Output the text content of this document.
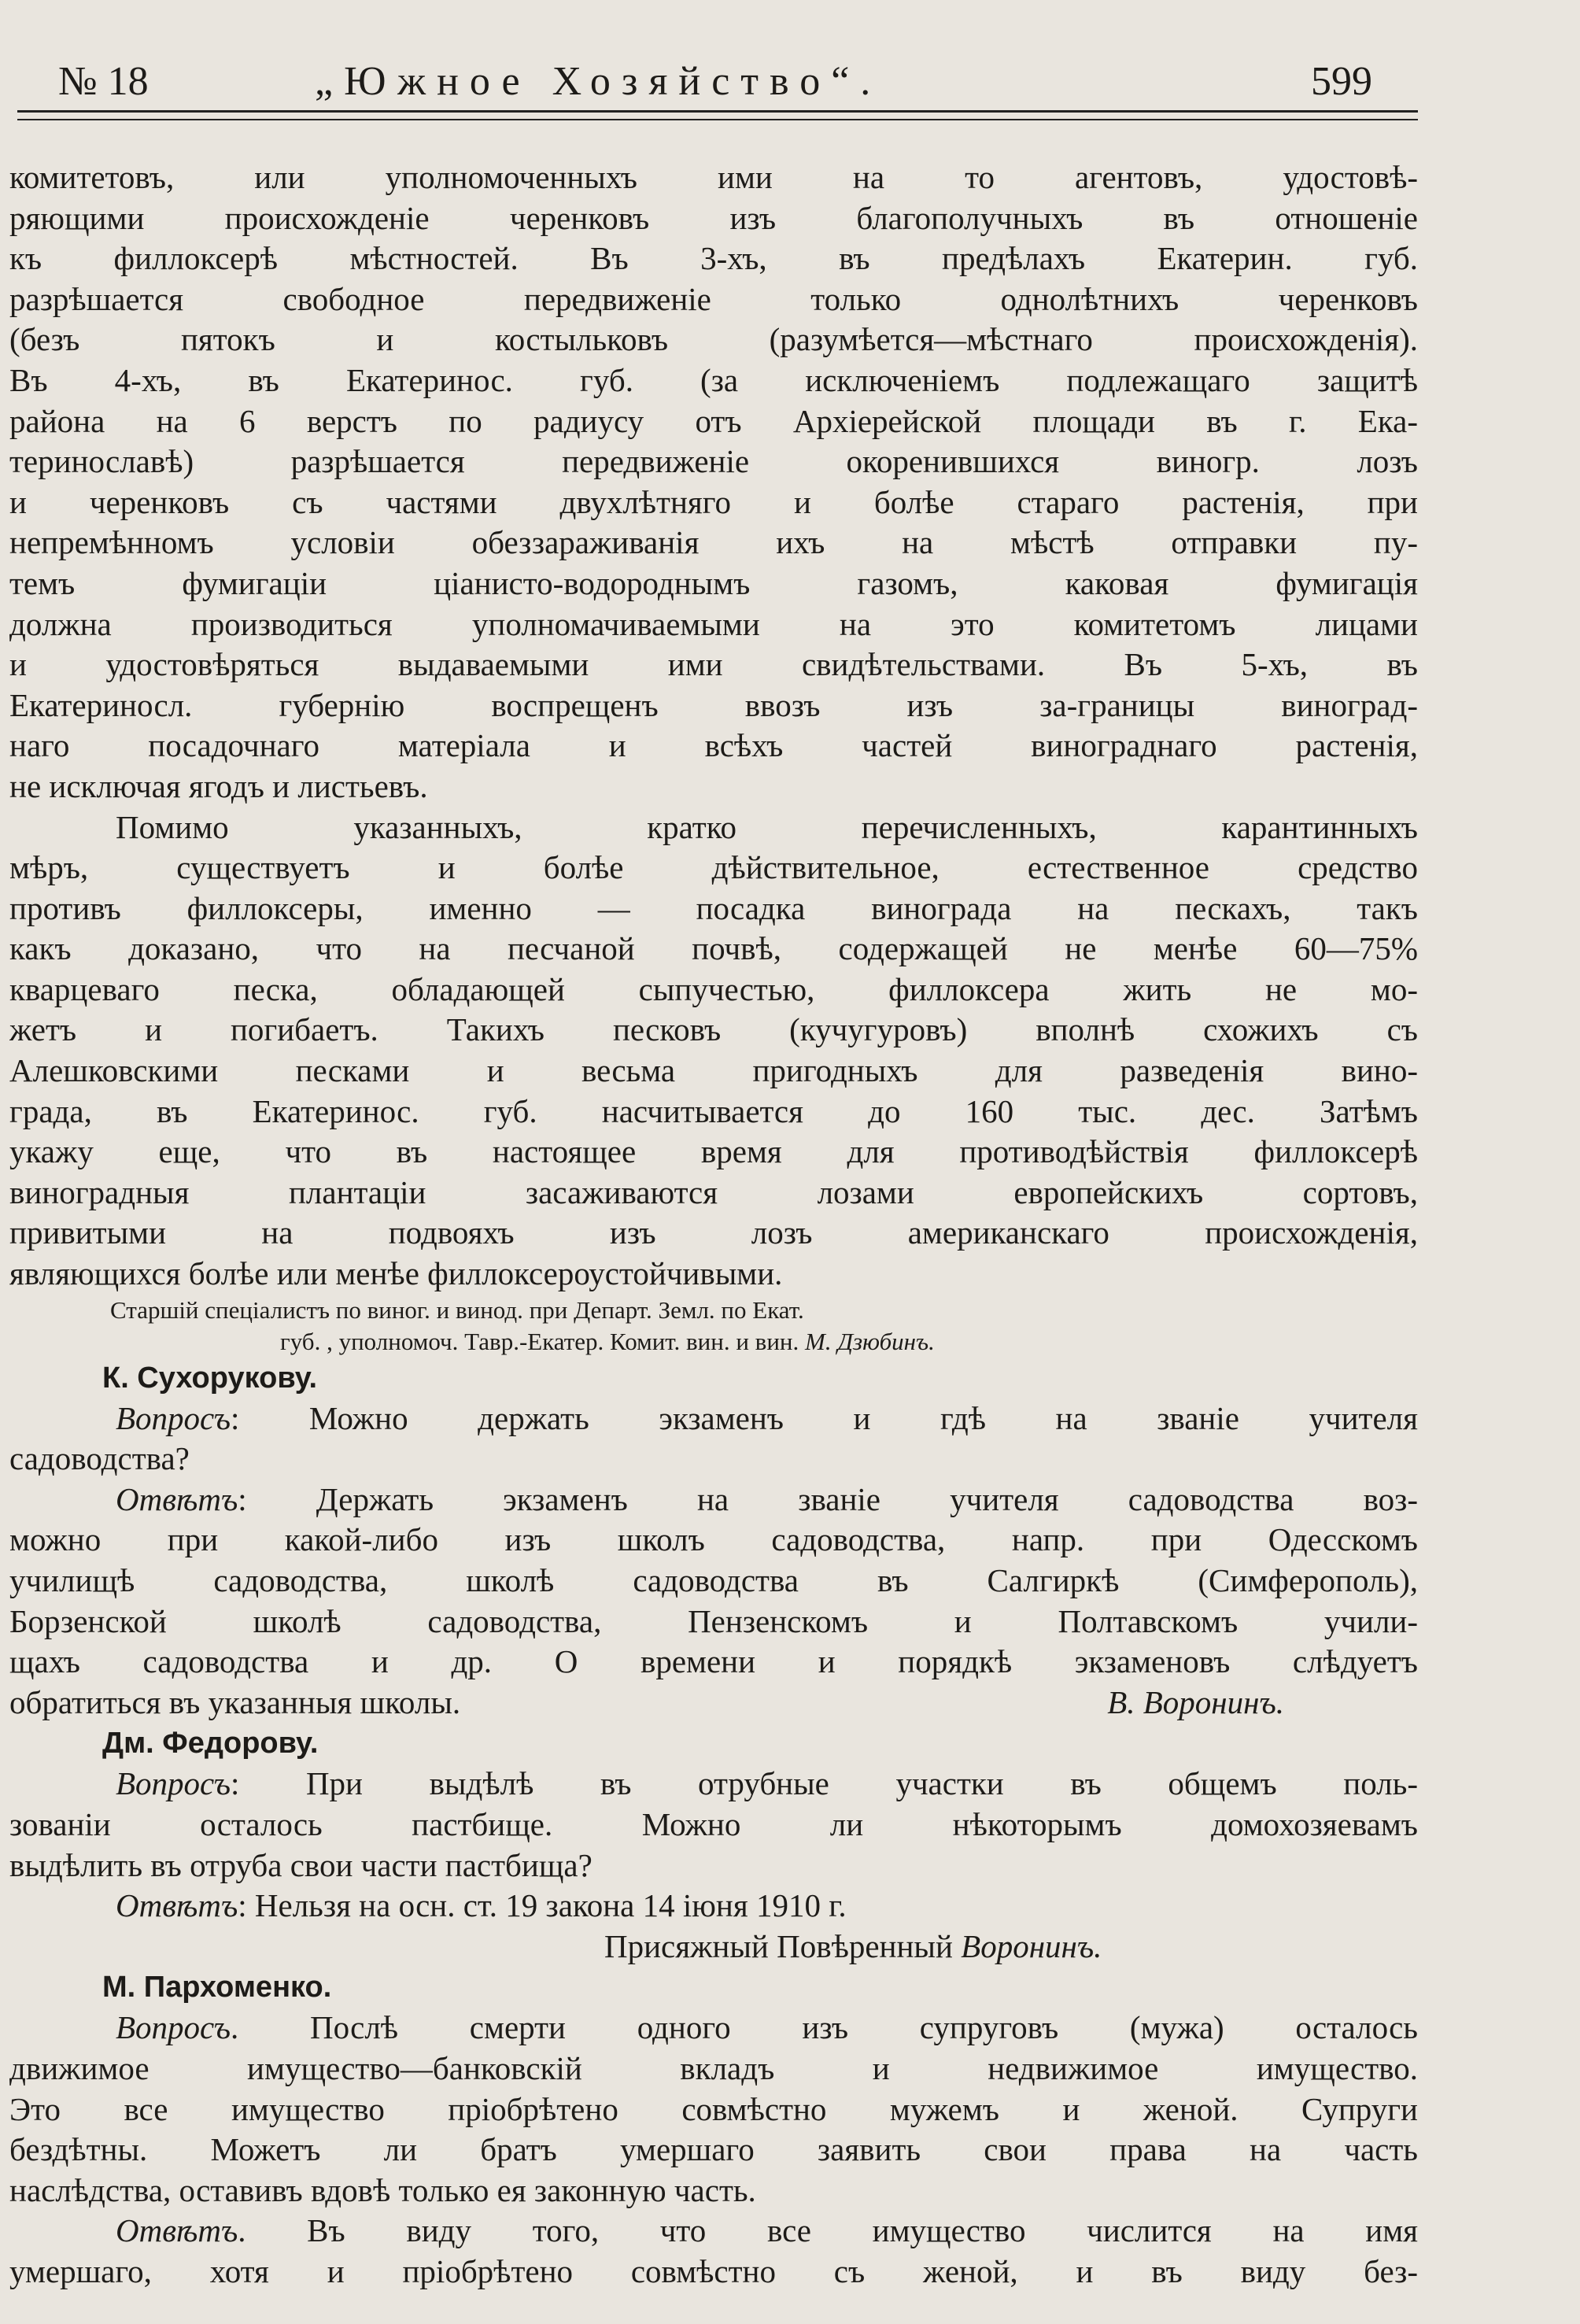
№ 18	„Южное Хозяйство“.	599
комитетовъ, или уполномоченныхъ ими на то агентовъ, удостовѣ-
ряющими происхожденіе черенковъ изъ благополучныхъ въ отношеніе
къ филлоксерѣ мѣстностей. Въ 3-хъ, въ предѣлахъ Екатерин. губ.
разрѣшается свободное передвиженіе только однолѣтнихъ черенковъ
(безъ пятокъ и костыльковъ (разумѣется—мѣстнаго происхожденія).
Въ 4-хъ, въ Екатеринос. губ. (за исключеніемъ подлежащаго защитѣ
района на 6 верстъ по радиусу отъ Архіерейской площади въ г. Ека-
теринославѣ) разрѣшается передвиженіе окоренившихся виногр. лозъ
и черенковъ съ частями двухлѣтняго и болѣе стараго растенія, при
непремѣнномъ условіи обеззараживанія ихъ на мѣстѣ отправки пу-
темъ фумигаціи ціанисто-водороднымъ газомъ, каковая фумигація
должна производиться уполномачиваемыми на это комитетомъ лицами
и удостовѣряться выдаваемыми ими свидѣтельствами. Въ 5-хъ, въ
Екатериносл. губернію воспрещенъ ввозъ изъ за-границы виноград-
наго посадочнаго матеріала и всѣхъ частей винограднаго растенія,
не исключая ягодъ и листьевъ.
Помимо указанныхъ, кратко перечисленныхъ, карантинныхъ
мѣръ, существуетъ и болѣе дѣйствительное, естественное средство
противъ филлоксеры, именно — посадка винограда на пескахъ, такъ
какъ доказано, что на песчаной почвѣ, содержащей не менѣе 60—75%
кварцеваго песка, обладающей сыпучестью, филлоксера жить не мо-
жетъ и погибаетъ. Такихъ песковъ (кучугуровъ) вполнѣ схожихъ съ
Алешковскими песками и весьма пригодныхъ для разведенія вино-
града, въ Екатеринос. губ. насчитывается до 160 тыс. дес. Затѣмъ
укажу еще, что въ настоящее время для противодѣйствія филлоксерѣ
виноградныя плантаціи засаживаются лозами европейскихъ сортовъ,
привитыми на подвояхъ изъ лозъ американскаго происхожденія,
являющихся болѣе или менѣе филлоксероустойчивыми.
Старшій спеціалистъ по виног. и винод. при Департ. Земл. по Екат.
губ. , уполномоч. Тавр.-Екатер. Комит. вин. и вин. М. Дзюбинъ.
К. Сухорукову.
Вопросъ: Можно держать экзаменъ и гдѣ на званіе учителя
садоводства?
Отвѣтъ: Держать экзаменъ на званіе учителя садоводства воз-
можно при какой-либо изъ школъ садоводства, напр. при Одесскомъ
училищѣ садоводства, школѣ садоводства въ Салгиркѣ (Симферополь),
Борзенской школѣ садоводства, Пензенскомъ и Полтавскомъ учили-
щахъ садоводства и др. О времени и порядкѣ экзаменовъ слѣдуетъ
обратиться въ указанныя школы.	В. Воронинъ.
Дм. Федорову.
Вопросъ: При выдѣлѣ въ отрубные участки въ общемъ поль-
зованіи осталось пастбище. Можно ли нѣкоторымъ домохозяевамъ
выдѣлить въ отруба свои части пастбища?
Отвѣтъ: Нельзя на осн. ст. 19 закона 14 іюня 1910 г.
Присяжный Повѣренный Воронинъ.
М. Пархоменко.
Вопросъ. Послѣ смерти одного изъ супруговъ (мужа) осталось
движимое имущество—банковскій вкладъ и недвижимое имущество.
Это все имущество пріобрѣтено совмѣстно мужемъ и женой. Супруги
бездѣтны. Можетъ ли братъ умершаго заявить свои права на часть
наслѣдства, оставивъ вдовѣ только ея законную часть.
Отвѣтъ. Въ виду того, что все имущество числится на имя
умершаго, хотя и пріобрѣтено совмѣстно съ женой, и въ виду без-
